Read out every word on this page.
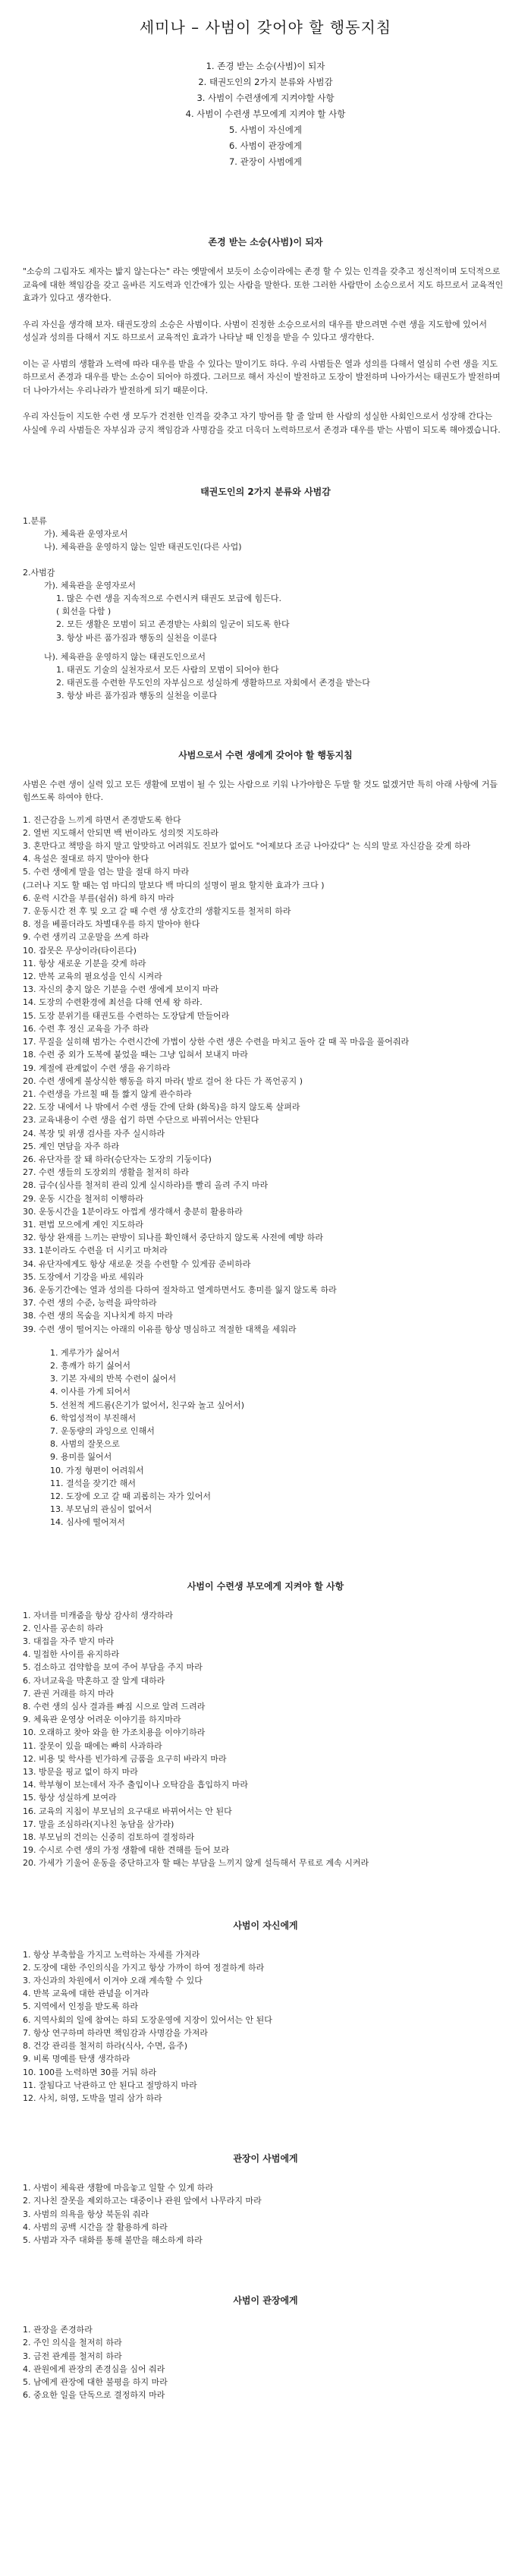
세미나 – 사범이 갖어야 할 행동지침
1. 존경 받는 소승(사범)이 되자
2. 태권도인의 2가지 분류와 사범감
3. 사범이 수련생에게 지켜야할 사항
4. 사범이 수련생 부모에게 지켜야 할 사항
5. 사범이 자신에게
6. 사범이 관장에게
7. 관장이 사범에게
존경 받는 소승(사범)이 되자

"소승의 그림자도 제자는 밟지 않는다는" 라는 옛말에서 보듯이 소승이라에는 존경 할 수 있는 인격을 갖추고 정신적이며 도덕적으로 교육에 대한 책임감을 갖고 올바른 지도력과 인간애가 있는 사람을 말한다. 또한 그러한 사람만이 소승으로서 지도 하므로서 교육적인 효과가 있다고 생각한다.

우리 자신을 생각해 보자. 태권도장의 소승은 사범이다. 사범이 진정한 소승으로서의 대우를 받으려면 수련 생을 지도함에 있어서 성실과 성의를 다해서 지도 하므로서 교육적인 효과가 나타날 때 인정을 받을 수 있다고 생각한다.

이는 곧 사범의 생활과 노력에 따라 대우를 받을 수 있다는 말이기도 하다. 우리 사범들은 열과 성의를 다해서 열심히 수련 생을 지도 하므로서 존경과 대우를 받는 소승이 되어야 하겠다. 그러므로 해서 자신이 발전하고 도장이 발전하며 나아가서는 태권도가 발전하며 더 나아가서는 우리나라가 발전하게 되기 때문이다.

우리 자신들이 지도한 수련 생 모두가 건전한 인격을 갖추고 자기 방어를 할 줄 알며 한 사람의 성실한 사회인으로서 성장해 간다는 사실에 우리 사범들은 자부심과 긍지 책임감과 사명감을 갖고 더욱더 노력하므로서 존경과 대우를 받는 사범이 되도록 해야겠습니다.

태권도인의 2가지 분류와 사범감
1.분류
가). 체육관 운영자로서
나). 체육관을 운영하지 않는 일반 태권도인(다른 사업)
2.사범감
가). 체육관을 운영자로서
1. 많은 수련 생을 지속적으로 수련시켜 태권도 보급에 힘든다.
( 회선을 다함 )
2. 모든 생활은 모범이 되고 존경받는 사회의 일군이 되도록 한다
3. 항상 바른 품가짐과 행동의 실천을 이룬다
나). 체육관을 운영하지 않는 태권도인으로서
1. 태권도 기술의 실천자로서 모든 사람의 모범이 되어야 한다
2. 태권도를 수련한 무도인의 자부심으로 성실하게 생활하므로 자회에서 존경을 받는다
3. 항상 바른 품가짐과 행동의 실천을 이룬다
사범으로서 수련 생에게 갖어야 할 행동지침

사범은 수련 생이 실력 있고 모든 생활에 모범이 될 수 있는 사람으로 키워 나가야함은 두말 할 것도 없겠거만 특히 아래 사항에 거듭 힘쓰도록 하여야 한다.

1. 진근감을 느끼게 하면서 존경받도록 한다
2. 열번 지도해서 안되면 백 번이라도 성의껏 지도하라
3. 혼만다고 책망을 하지 말고 알맞하고 어려워도 진보가 없어도 "어제보다 조금 나아갔다" 는 식의 말로 자신감을 갖게 하라
4. 욕설은 절대로 하지 말아야 한다
5. 수련 생에게 말을 엄는 말을 절대 하지 마라
(그러나 지도 할 때는 엄 마디의 말보다 백 마디의 설명이 필요 할지한 효과가 크다 )
6. 운력 시간을 부를(쉼쉬) 하게 하지 마라
7. 운동시간 전 후 및 오고 갈 때 수련 생 상호간의 생활지도를 철저히 하라
8. 정을 베풀더라도 차별대우를 하지 말아야 한다
9. 수련 생끼리 고운말을 쓰게 하라
10. 잡못은 무상이라(타이른다)
11. 항상 새로운 기분을 갖게 하라
12. 반복 교육의 필요성을 인식 시켜라
13. 자신의 충지 않은 기분을 수련 생에게 보이지 마라
14. 도장의 수련환경에 최선을 다해 연세 왕 하라.
15. 도장 분위기를 태권도를 수련하는 도장답게 만들어라
16. 수련 후 정신 교육을 가주 하라
17. 무질을 실히해 범가는 수련시간에 가볍이 상한 수련 생은 수련을 마치고 돌아 갈 때 꼭 마음을 풀어줘라
18. 수련 중 외가 도복에 붙었을 때는 그냥 입혀서 보내지 마라
19. 계절에 관계없이 수련 생을 유기하라
20. 수련 생에게 불상식한 행동을 하지 마라( 발로 걸어 찬 다든 가 폭언공지 )
21. 수련생을 가르칠 때 틀 짧지 않게 관수하라
22. 도장 내에서 나 밖에서 수련 생들 간에 단화 (화목)을 하지 않도록 살펴라
23. 교육내용이 수련 생을 쉽기 하면 수단으로 바꿔어서는 안된다
24. 복장 및 위생 검사를 자주 실시하라
25. 계인 면담을 자주 하라
26. 유단자를 잘 돼 하라(승단자는 도장의 기둥이다)
27. 수련 생들의 도장외의 생활을 철저히 하라
28. 급수(심사를 철저히 관리 있게 실시하라)를 빨리 올려 주지 마라
29. 운동 시간을 철저히 이행하라
30. 운동시간을 1분이라도 아껍게 생각해서 충분히 활용하라
31. 편법 모으에게 계인 지도하라
32. 항상 완재를 느끼는 판방이 되나를 확인해서 중단하지 않도록 사전에 예방 하라
33. 1분이라도 수련을 더 시키고 마쳐라
34. 유단자에게도 항상 새로운 것을 수련할 수 있게끔 준비하라
35. 도장에서 기강을 바로 세워라
36. 운동기간에는 열과 성의를 다하여 절차하고 열게하면서도 흥미를 잃지 않도록 하라
37. 수련 생의 수준, 능력을 파악하라
38. 수련 생의 목숨을 지나치게 하지 마라
39. 수련 생이 떨어지는 아래의 이유를 항상 명심하고 적절한 대책을 세워라
1. 게루가가 싫어서
2. 흥깨가 하기 싫어서
3. 기본 자세의 반복 수련이 싫어서
4. 이사를 가게 되어서
5. 선천적 게드롬(은기가 없어서, 친구와 놀고 싶어서)
6. 학업성적이 부진해서
7. 운동량의 과잉으로 인해서
8. 사범의 잘못으로
9. 용미를 잃어서
10. 가정 형편이 어려워서
11. 결석을 잦기간 해서
12. 도장에 오고 갈 때 괴롭히는 자가 있어서
13. 부모님의 관심이 없어서
14. 심사에 떨어져서
사범이 수련생 부모에게 지켜야 할 사항
1. 자녀를 미캐줌을 항상 감사히 생각하라
2. 인사를 공손히 하라
3. 대접을 자주 받지 마라
4. 밀접한 사이를 유지하라
5. 검소하고 검약함을 보여 주어 부담을 주지 마라
6. 자녀교육을 막혼하고 잘 알게 대하라
7. 관권 거래를 하지 마라
8. 수련 생의 심사 결과를 빠짐 시으로 알려 드려라
9. 체육관 운영상 어려운 이야기를 하지마라
10. 오래하고 찾아 와을 한 가조치용을 이야기하라
11. 잘못이 있을 때에는 빠히 사과하라
12. 비용 및 학사를 빈가하게 금품을 요구히 바라지 마라
13. 방문을 핑교 없이 하지 마라
14. 학부형이 보는데서 자주 출입이나 오탁감을 흡입하지 마라
15. 항상 성실하게 보여라
16. 교육의 지침이 부모님의 요구대로 바뀌어서는 안 된다
17. 말을 조심하라(지나친 농담을 삼가라)
18. 부모님의 건의는 신중히 검토하여 결정하라
19. 수시로 수련 생의 가정 생활에 대한 견해를 들어 보라
20. 가세가 기울어 운동을 중단하고자 할 때는 부담을 느끼지 않게 설득해서 무료로 계속 시켜라
사범이 자신에게
1. 항상 부축함을 가지고 노력하는 자세를 가져라
2. 도장에 대한 주인의식을 가지고 항상 가까이 하여 정결하게 하라
3. 자신과의 차원에서 이겨야 오래 계속할 수 있다
4. 반복 교육에 대한 관념을 이겨라
5. 지역에서 인정을 받도록 하라
6. 지역사회의 일에 참여는 하되 도장운영에 지장이 있어서는 안 된다
7. 항상 연구하며 하라면 책임감과 사명감을 가져라
8. 건강 관리를 철저히 하라(식사, 수면, 음주)
9. 비록 명예를 탄생 생각하라
10. 100를 노력하면 30를 거둬 하라
11. 잘됨다고 낙관하고 안 된다고 절망하지 마라
12. 사치, 허영, 도박을 멀리 삼가 하라
관장이 사범에게
1. 사범이 체육관 생활에 마음놓고 일할 수 있게 하라
2. 지나친 잘못을 제외하고는 대중이나 관원 앞에서 나무라지 마라
3. 사범의 의욕을 항상 북돋워 줘라
4. 사범의 공백 시간을 잘 활용하게 하라
5. 사범과 자주 대화를 통해 불만을 해소하게 하라
사범이 관장에게
1. 관장을 존경하라
2. 주인 의식을 철저히 하라
3. 금전 관계를 철저히 하라
4. 관원에게 관장의 존경심을 심어 줘라
5. 남에게 관장에 대한 불평을 하지 마라
6. 중요한 일을 단독으로 결정하지 마라
